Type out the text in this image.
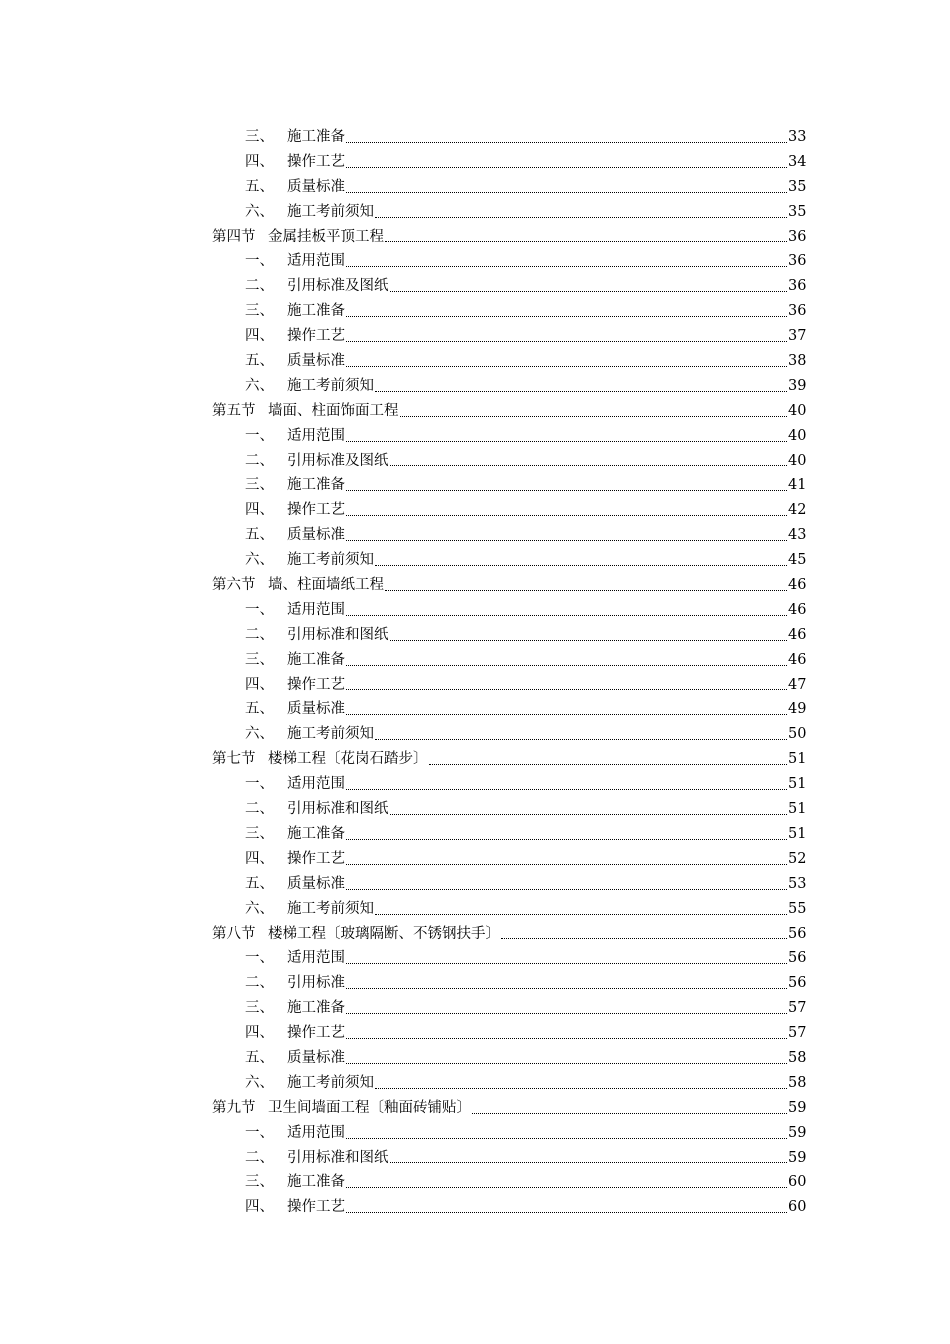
三、 施工准备	33
四、 操作工艺	34
五、 质量标准	35
六、 施工考前须知	35
第四节 金属挂板平顶工程	36
一、 适用范围	36
二、 引用标准及图纸	36
三、 施工准备	36
四、 操作工艺	37
五、 质量标准	38
六、 施工考前须知	39
第五节 墙面、柱面饰面工程	40
一、 适用范围	40
二、 引用标准及图纸	40
三、 施工准备	41
四、 操作工艺	42
五、 质量标准	43
六、 施工考前须知	45
第六节 墙、柱面墙纸工程	46
一、 适用范围	46
二、 引用标准和图纸	46
三、 施工准备	46
四、 操作工艺	47
五、 质量标准	49
六、 施工考前须知	50
第七节 楼梯工程〔花岗石踏步〕	51
一、 适用范围	51
二、 引用标准和图纸	51
三、 施工准备	51
四、 操作工艺	52
五、 质量标准	53
六、 施工考前须知	55
第八节 楼梯工程〔玻璃隔断、不锈钢扶手〕	56
一、 适用范围	56
二、 引用标准	56
三、 施工准备	57
四、 操作工艺	57
五、 质量标准	58
六、 施工考前须知	58
第九节 卫生间墙面工程〔釉面砖铺贴〕	59
一、 适用范围	59
二、 引用标准和图纸	59
三、 施工准备	60
四、 操作工艺	60
